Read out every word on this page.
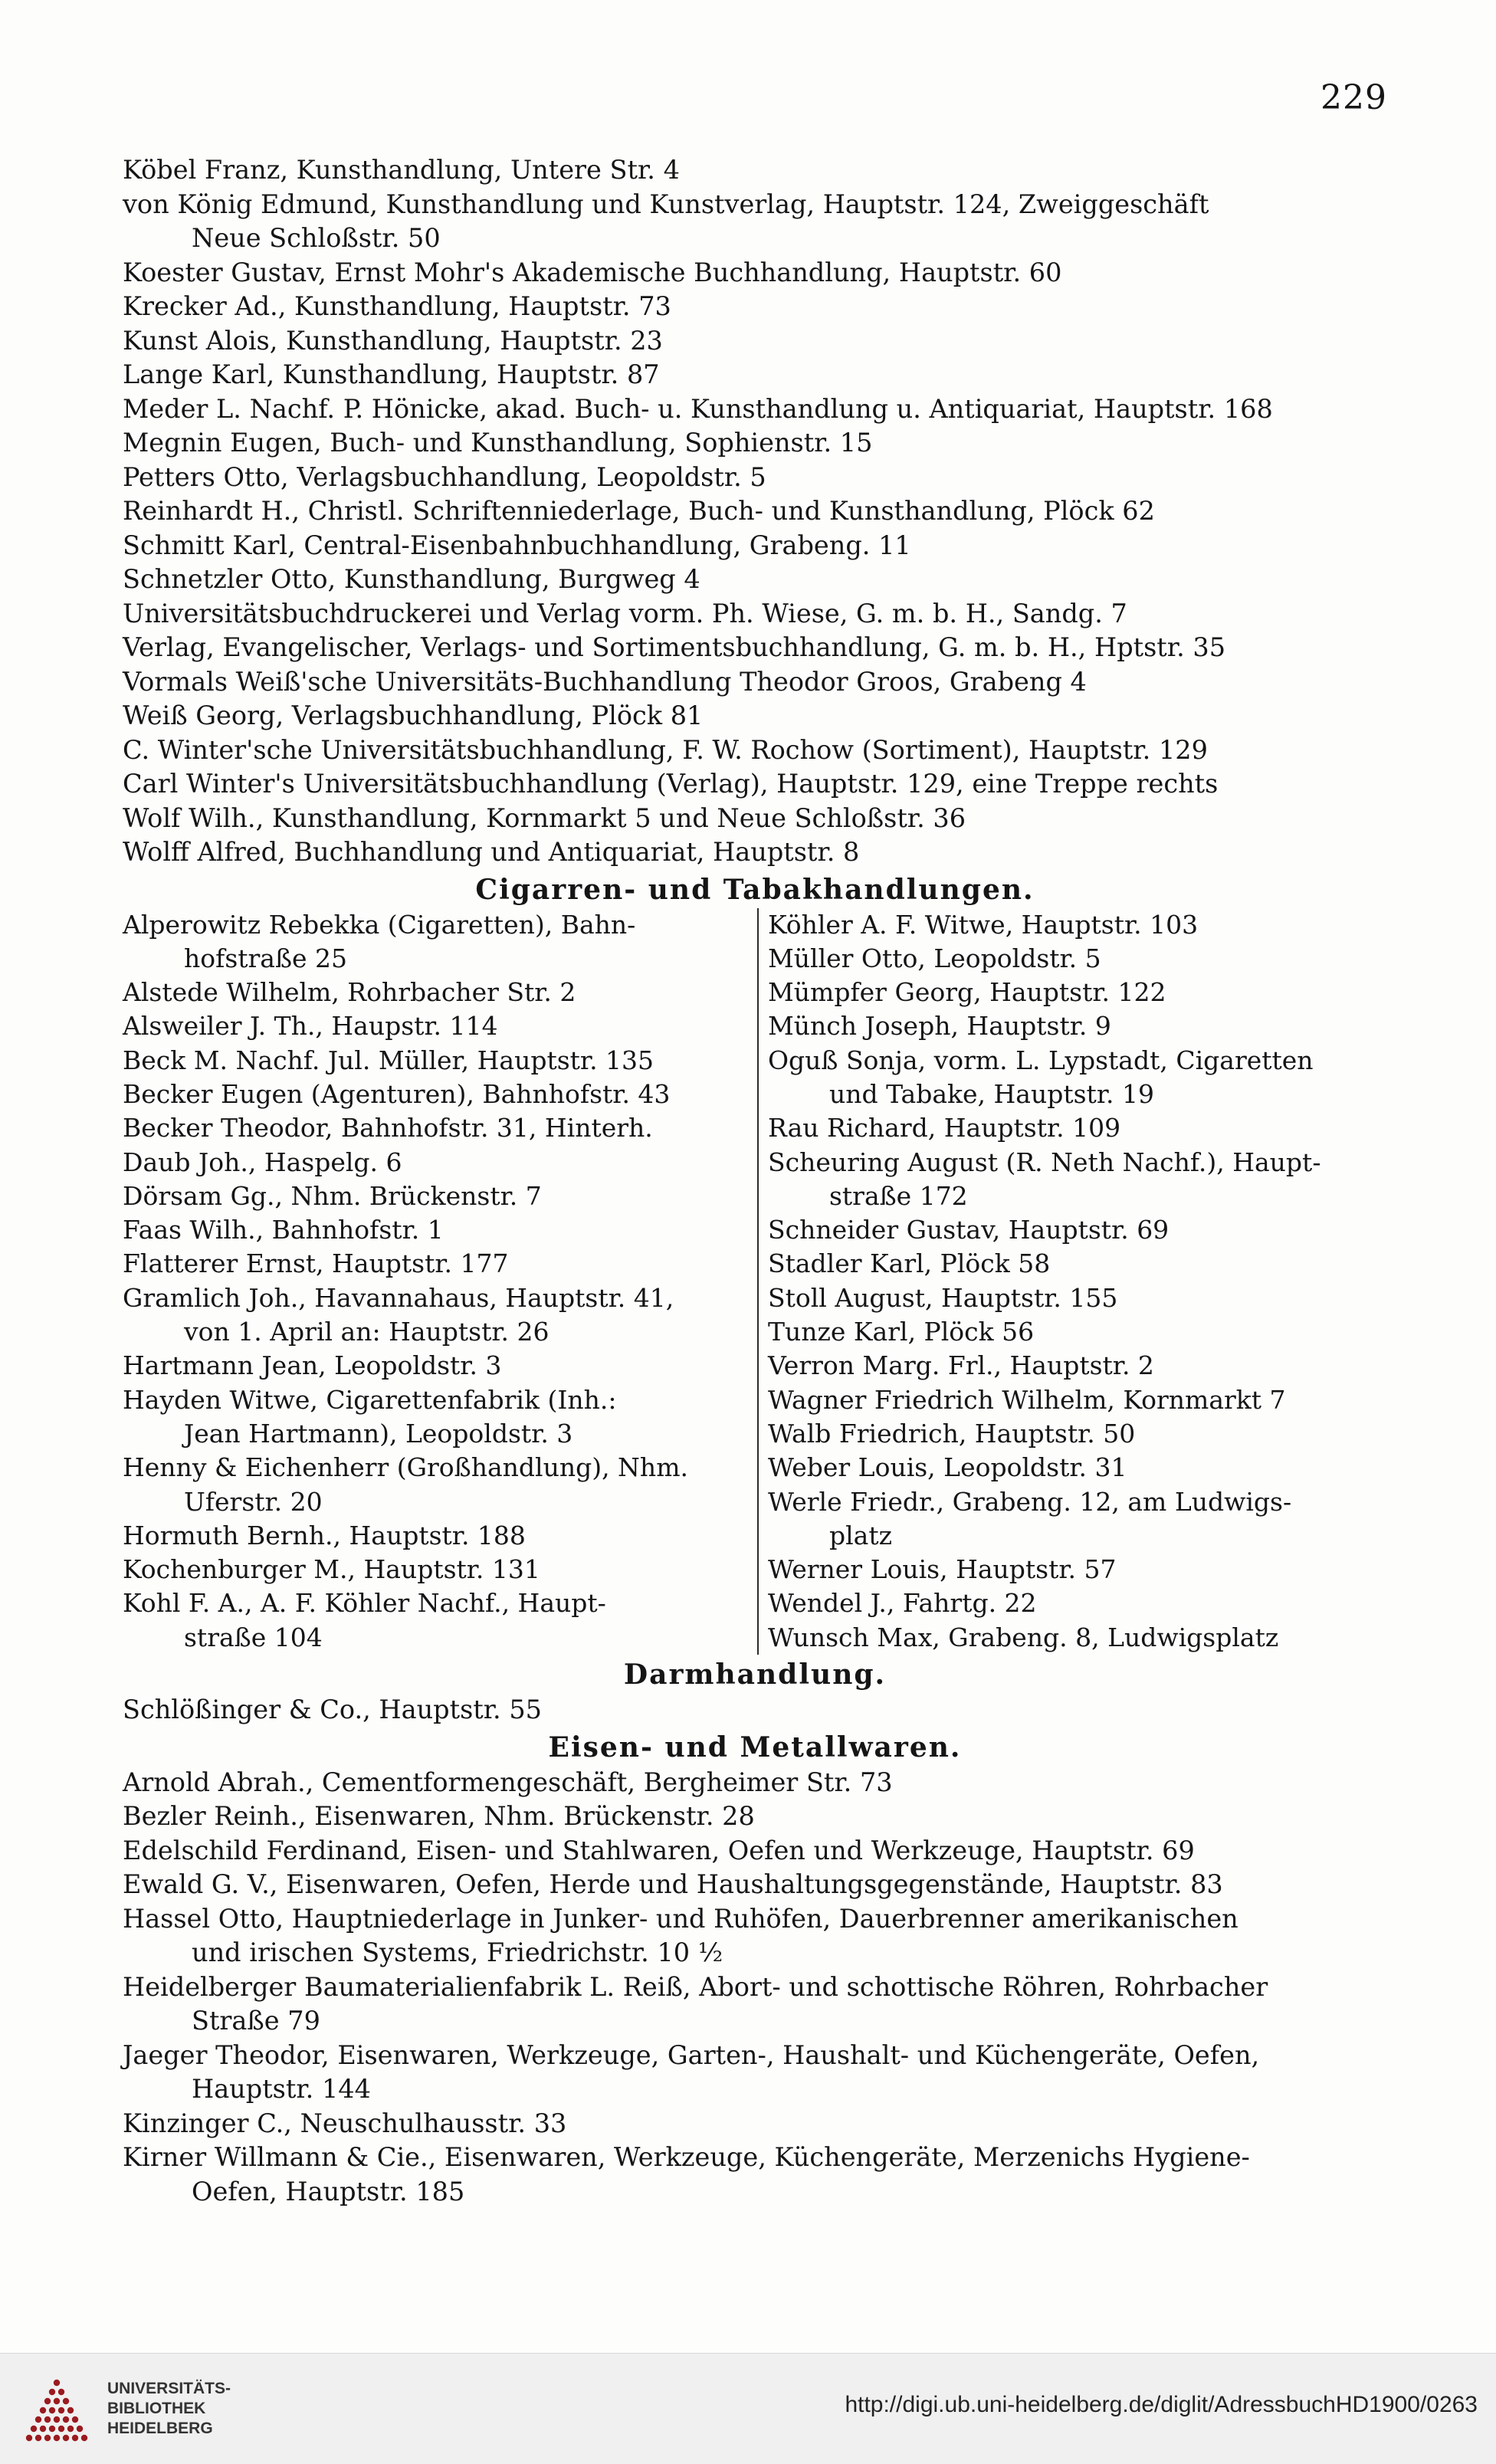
229
Köbel Franz, Kunsthandlung, Untere Str. 4
von König Edmund, Kunsthandlung und Kunstverlag, Hauptstr. 124, Zweiggeschäft
Neue Schloßstr. 50
Koester Gustav, Ernst Mohr's Akademische Buchhandlung, Hauptstr. 60
Krecker Ad., Kunsthandlung, Hauptstr. 73
Kunst Alois, Kunsthandlung, Hauptstr. 23
Lange Karl, Kunsthandlung, Hauptstr. 87
Meder L. Nachf. P. Hönicke, akad. Buch- u. Kunsthandlung u. Antiquariat, Hauptstr. 168
Megnin Eugen, Buch- und Kunsthandlung, Sophienstr. 15
Petters Otto, Verlagsbuchhandlung, Leopoldstr. 5
Reinhardt H., Christl. Schriftenniederlage, Buch- und Kunsthandlung, Plöck 62
Schmitt Karl, Central-Eisenbahnbuchhandlung, Grabeng. 11
Schnetzler Otto, Kunsthandlung, Burgweg 4
Universitätsbuchdruckerei und Verlag vorm. Ph. Wiese, G. m. b. H., Sandg. 7
Verlag, Evangelischer, Verlags- und Sortimentsbuchhandlung, G. m. b. H., Hptstr. 35
Vormals Weiß'sche Universitäts-Buchhandlung Theodor Groos, Grabeng 4
Weiß Georg, Verlagsbuchhandlung, Plöck 81
C. Winter'sche Universitätsbuchhandlung, F. W. Rochow (Sortiment), Hauptstr. 129
Carl Winter's Universitätsbuchhandlung (Verlag), Hauptstr. 129, eine Treppe rechts
Wolf Wilh., Kunsthandlung, Kornmarkt 5 und Neue Schloßstr. 36
Wolff Alfred, Buchhandlung und Antiquariat, Hauptstr. 8
Cigarren- und Tabakhandlungen.
Alperowitz Rebekka (Cigaretten), Bahn-
hofstraße 25
Alstede Wilhelm, Rohrbacher Str. 2
Alsweiler J. Th., Haupstr. 114
Beck M. Nachf. Jul. Müller, Hauptstr. 135
Becker Eugen (Agenturen), Bahnhofstr. 43
Becker Theodor, Bahnhofstr. 31, Hinterh.
Daub Joh., Haspelg. 6
Dörsam Gg., Nhm. Brückenstr. 7
Faas Wilh., Bahnhofstr. 1
Flatterer Ernst, Hauptstr. 177
Gramlich Joh., Havannahaus, Hauptstr. 41,
von 1. April an: Hauptstr. 26
Hartmann Jean, Leopoldstr. 3
Hayden Witwe, Cigarettenfabrik (Inh.:
Jean Hartmann), Leopoldstr. 3
Henny & Eichenherr (Großhandlung), Nhm.
Uferstr. 20
Hormuth Bernh., Hauptstr. 188
Kochenburger M., Hauptstr. 131
Kohl F. A., A. F. Köhler Nachf., Haupt-
straße 104
Köhler A. F. Witwe, Hauptstr. 103
Müller Otto, Leopoldstr. 5
Mümpfer Georg, Hauptstr. 122
Münch Joseph, Hauptstr. 9
Oguß Sonja, vorm. L. Lypstadt, Cigaretten
und Tabake, Hauptstr. 19
Rau Richard, Hauptstr. 109
Scheuring August (R. Neth Nachf.), Haupt-
straße 172
Schneider Gustav, Hauptstr. 69
Stadler Karl, Plöck 58
Stoll August, Hauptstr. 155
Tunze Karl, Plöck 56
Verron Marg. Frl., Hauptstr. 2
Wagner Friedrich Wilhelm, Kornmarkt 7
Walb Friedrich, Hauptstr. 50
Weber Louis, Leopoldstr. 31
Werle Friedr., Grabeng. 12, am Ludwigs-
platz
Werner Louis, Hauptstr. 57
Wendel J., Fahrtg. 22
Wunsch Max, Grabeng. 8, Ludwigsplatz
Darmhandlung.
Schlößinger & Co., Hauptstr. 55
Eisen- und Metallwaren.
Arnold Abrah., Cementformengeschäft, Bergheimer Str. 73
Bezler Reinh., Eisenwaren, Nhm. Brückenstr. 28
Edelschild Ferdinand, Eisen- und Stahlwaren, Oefen und Werkzeuge, Hauptstr. 69
Ewald G. V., Eisenwaren, Oefen, Herde und Haushaltungsgegenstände, Hauptstr. 83
Hassel Otto, Hauptniederlage in Junker- und Ruhöfen, Dauerbrenner amerikanischen
und irischen Systems, Friedrichstr. 10 ½
Heidelberger Baumaterialienfabrik L. Reiß, Abort- und schottische Röhren, Rohrbacher
Straße 79
Jaeger Theodor, Eisenwaren, Werkzeuge, Garten-, Haushalt- und Küchengeräte, Oefen,
Hauptstr. 144
Kinzinger C., Neuschulhausstr. 33
Kirner Willmann & Cie., Eisenwaren, Werkzeuge, Küchengeräte, Merzenichs Hygiene-
Oefen, Hauptstr. 185
UNIVERSITÄTS-
BIBLIOTHEK
HEIDELBERG
http://digi.ub.uni-heidelberg.de/diglit/AdressbuchHD1900/0263
